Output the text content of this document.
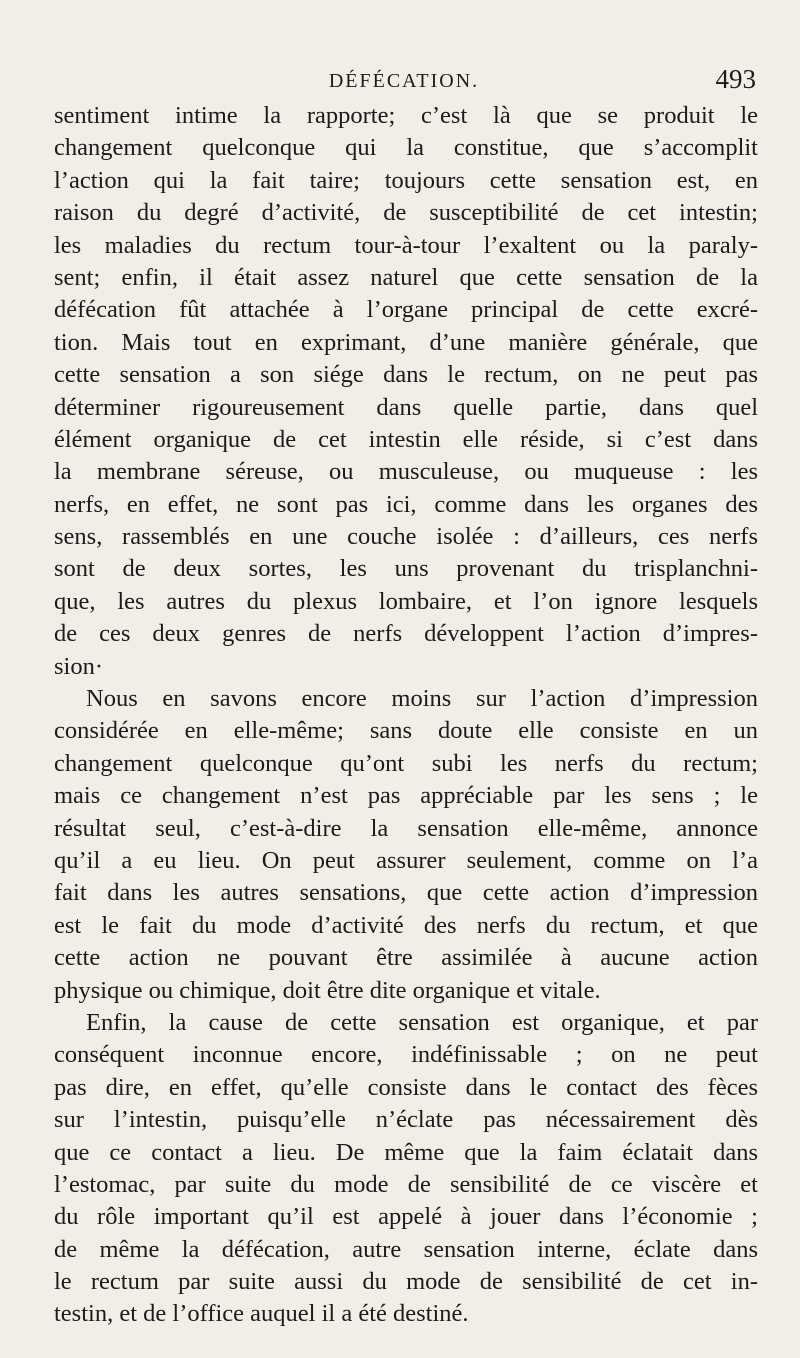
DÉFÉCATION.	493
sentiment intime la rapporte; c’est là que se produit le
changement quelconque qui la constitue, que s’accomplit
l’action qui la fait taire; toujours cette sensation est, en
raison du degré d’activité, de susceptibilité de cet intestin;
les maladies du rectum tour-à-tour l’exaltent ou la paraly-
sent; enfin, il était assez naturel que cette sensation de la
défécation fût attachée à l’organe principal de cette excré-
tion. Mais tout en exprimant, d’une manière générale, que
cette sensation a son siége dans le rectum, on ne peut pas
déterminer rigoureusement dans quelle partie, dans quel
élément organique de cet intestin elle réside, si c’est dans
la membrane séreuse, ou musculeuse, ou muqueuse : les
nerfs, en effet, ne sont pas ici, comme dans les organes des
sens, rassemblés en une couche isolée : d’ailleurs, ces nerfs
sont de deux sortes, les uns provenant du trisplanchni-
que, les autres du plexus lombaire, et l’on ignore lesquels
de ces deux genres de nerfs développent l’action d’impres-
sion·
Nous en savons encore moins sur l’action d’impression
considérée en elle-même; sans doute elle consiste en un
changement quelconque qu’ont subi les nerfs du rectum;
mais ce changement n’est pas appréciable par les sens ; le
résultat seul, c’est-à-dire la sensation elle-même, annonce
qu’il a eu lieu. On peut assurer seulement, comme on l’a
fait dans les autres sensations, que cette action d’impression
est le fait du mode d’activité des nerfs du rectum, et que
cette action ne pouvant être assimilée à aucune action
physique ou chimique, doit être dite organique et vitale.
Enfin, la cause de cette sensation est organique, et par
conséquent inconnue encore, indéfinissable ; on ne peut
pas dire, en effet, qu’elle consiste dans le contact des fèces
sur l’intestin, puisqu’elle n’éclate pas nécessairement dès
que ce contact a lieu. De même que la faim éclatait dans
l’estomac, par suite du mode de sensibilité de ce viscère et
du rôle important qu’il est appelé à jouer dans l’économie ;
de même la défécation, autre sensation interne, éclate dans
le rectum par suite aussi du mode de sensibilité de cet in-
testin, et de l’office auquel il a été destiné.
